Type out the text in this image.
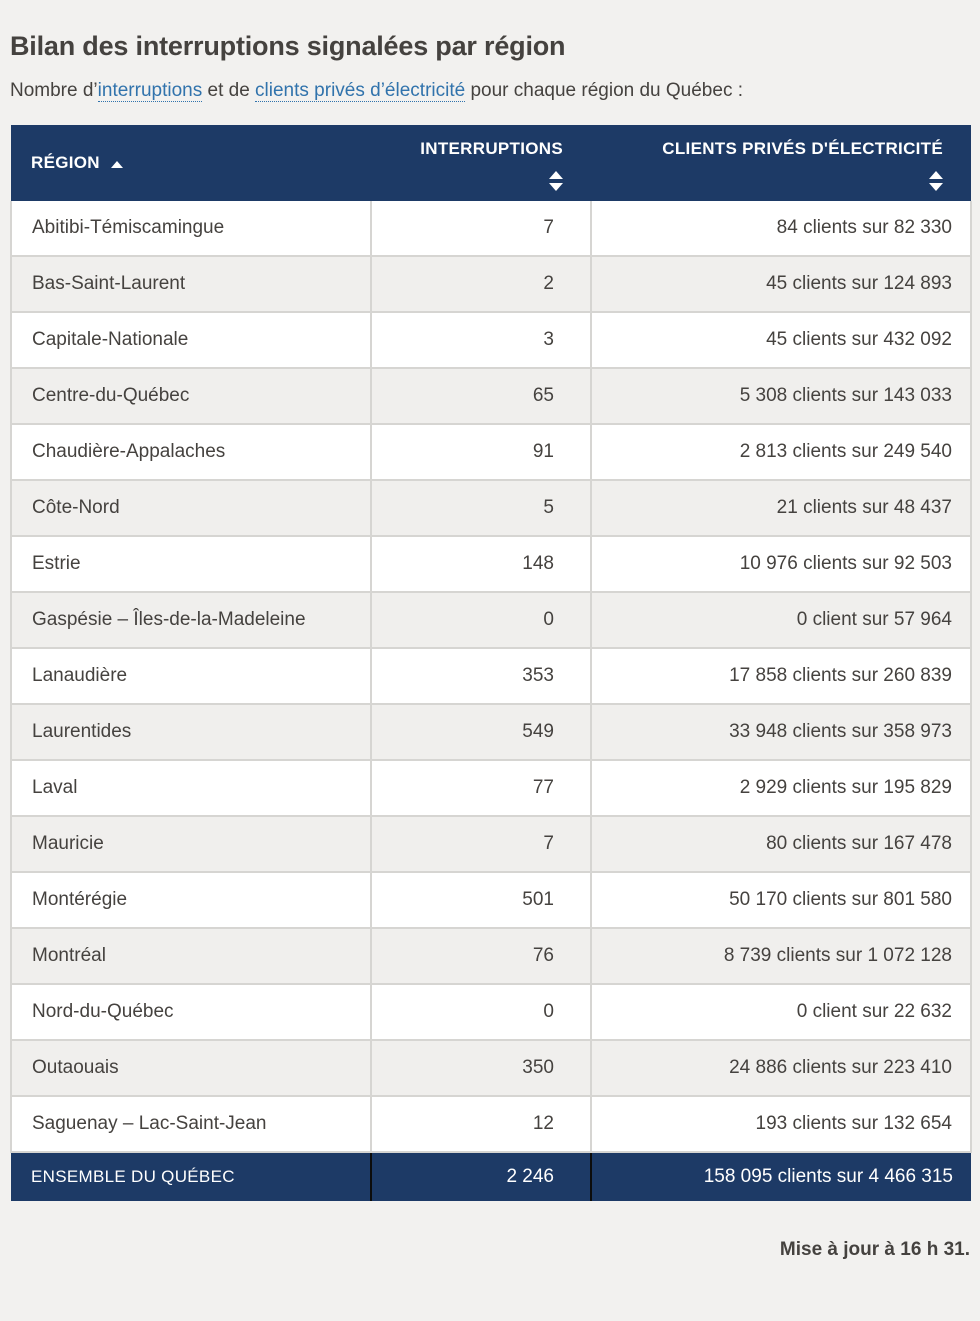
Bilan des interruptions signalées par région

Nombre d’interruptions et de clients privés d’électricité pour chaque région du Québec :

RÉGION	INTERRUPTIONS	CLIENTS PRIVÉS D'ÉLECTRICITÉ

Abitibi-Témiscamingue	7	84 clients sur 82 330
Bas-Saint-Laurent	2	45 clients sur 124 893
Capitale-Nationale	3	45 clients sur 432 092
Centre-du-Québec	65	5 308 clients sur 143 033
Chaudière-Appalaches	91	2 813 clients sur 249 540
Côte-Nord	5	21 clients sur 48 437
Estrie	148	10 976 clients sur 92 503
Gaspésie – Îles-de-la-Madeleine	0	0 client sur 57 964
Lanaudière	353	17 858 clients sur 260 839
Laurentides	549	33 948 clients sur 358 973
Laval	77	2 929 clients sur 195 829
Mauricie	7	80 clients sur 167 478
Montérégie	501	50 170 clients sur 801 580
Montréal	76	8 739 clients sur 1 072 128
Nord-du-Québec	0	0 client sur 22 632
Outaouais	350	24 886 clients sur 223 410
Saguenay – Lac-Saint-Jean	12	193 clients sur 132 654
ENSEMBLE DU QUÉBEC	2 246	158 095 clients sur 4 466 315

Mise à jour à 16 h 31.
